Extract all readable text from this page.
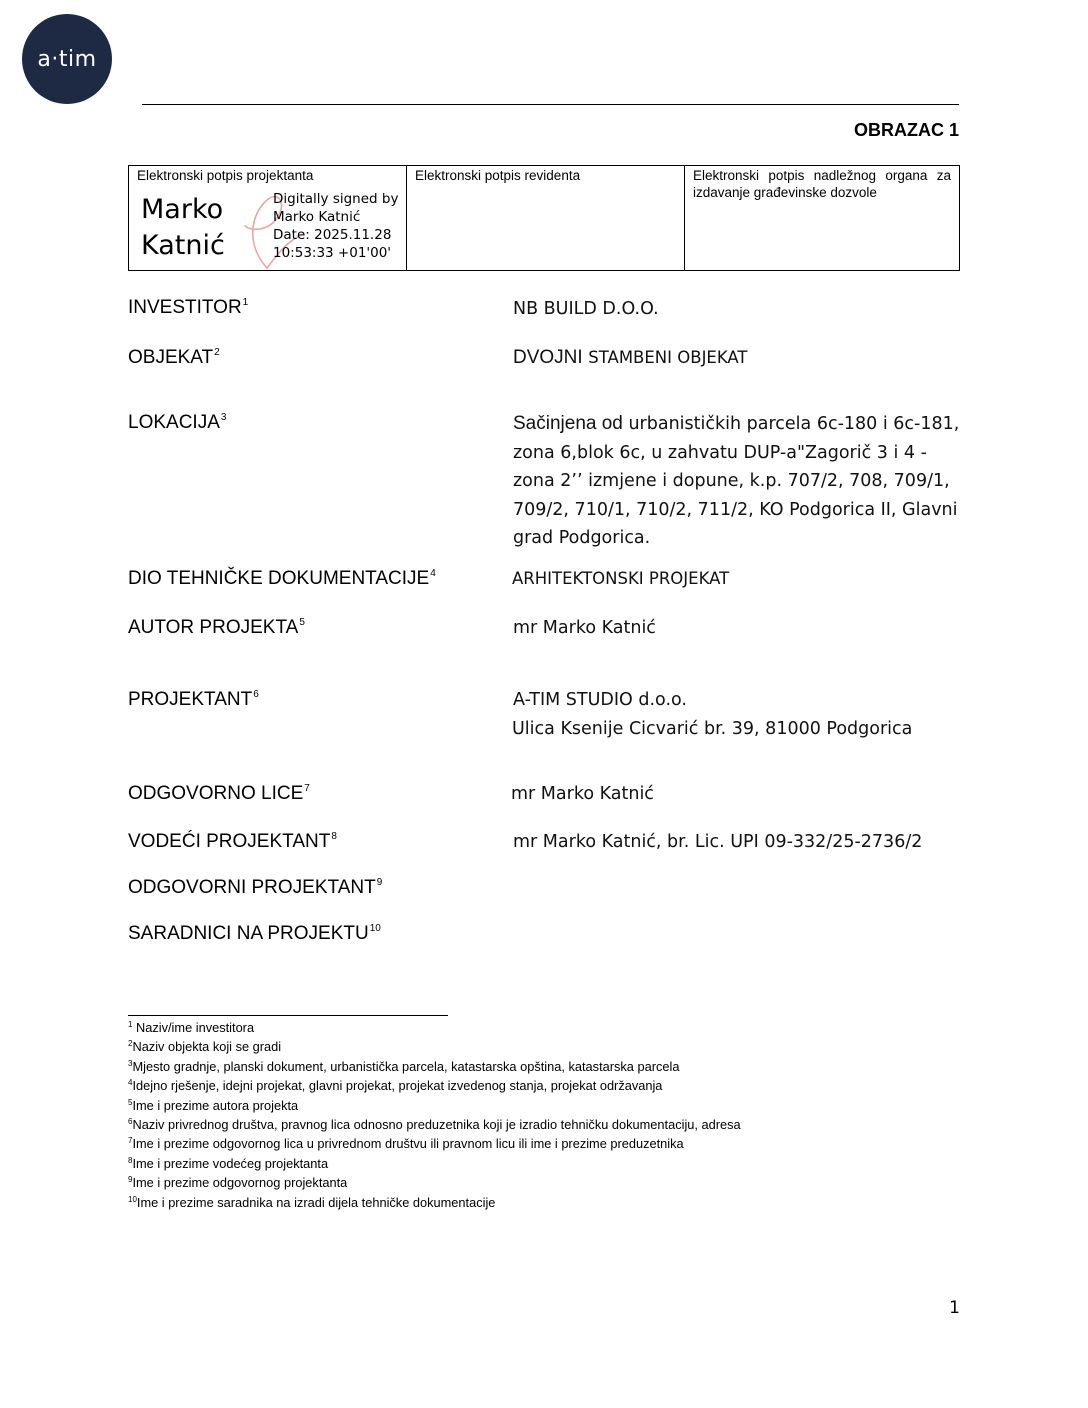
a·tim
OBRAZAC 1
Elektronski potpis projektanta
Marko
Katnić
Digitally signed by
Marko Katnić
Date: 2025.11.28
10:53:33 +01'00'
Elektronski potpis revidenta	Elektronski potpis nadležnog organa za izdavanje građevinske dozvole
INVESTITOR$^1$	NB BUILD D.O.O.
OBJEKAT$^2$	DVOJNI STAMBENI OBJEKAT
LOKACIJA$^3$	Sačinjena od urbanističkih parcela 6c-180 i 6c-181, zona 6,blok 6c, u zahvatu DUP-a"Zagorič 3 i 4 -zona 2’’ izmjene i dopune, k.p. 707/2, 708, 709/1, 709/2, 710/1, 710/2, 711/2, KO Podgorica II, Glavni grad Podgorica.
DIO TEHNIČKE DOKUMENTACIJE$^4$	ARHITEKTONSKI PROJEKAT
AUTOR PROJEKTA$^5$	mr Marko Katnić
PROJEKTANT$^6$	A-TIM STUDIO d.o.o.
Ulica Ksenije Cicvarić br. 39, 81000 Podgorica
ODGOVORNO LICE$^7$	mr Marko Katnić
VODEĆI PROJEKTANT$^8$	mr Marko Katnić, br. Lic. UPI 09-332/25-2736/2
ODGOVORNI PROJEKTANT$^9$
SARADNICI NA PROJEKTU$^{10}$
$^1$ Naziv/ime investitora
$^2$Naziv objekta koji se gradi
$^3$Mjesto gradnje, planski dokument, urbanistička parcela, katastarska opština, katastarska parcela
$^4$Idejno rješenje, idejni projekat, glavni projekat, projekat izvedenog stanja, projekat održavanja
$^5$Ime i prezime autora projekta
$^6$Naziv privrednog društva, pravnog lica odnosno preduzetnika koji je izradio tehničku dokumentaciju, adresa
$^7$Ime i prezime odgovornog lica u privrednom društvu ili pravnom licu ili ime i prezime preduzetnika
$^8$Ime i prezime vodećeg projektanta
$^9$Ime i prezime odgovornog projektanta
$^{10}$Ime i prezime saradnika na izradi dijela tehničke dokumentacije
1
